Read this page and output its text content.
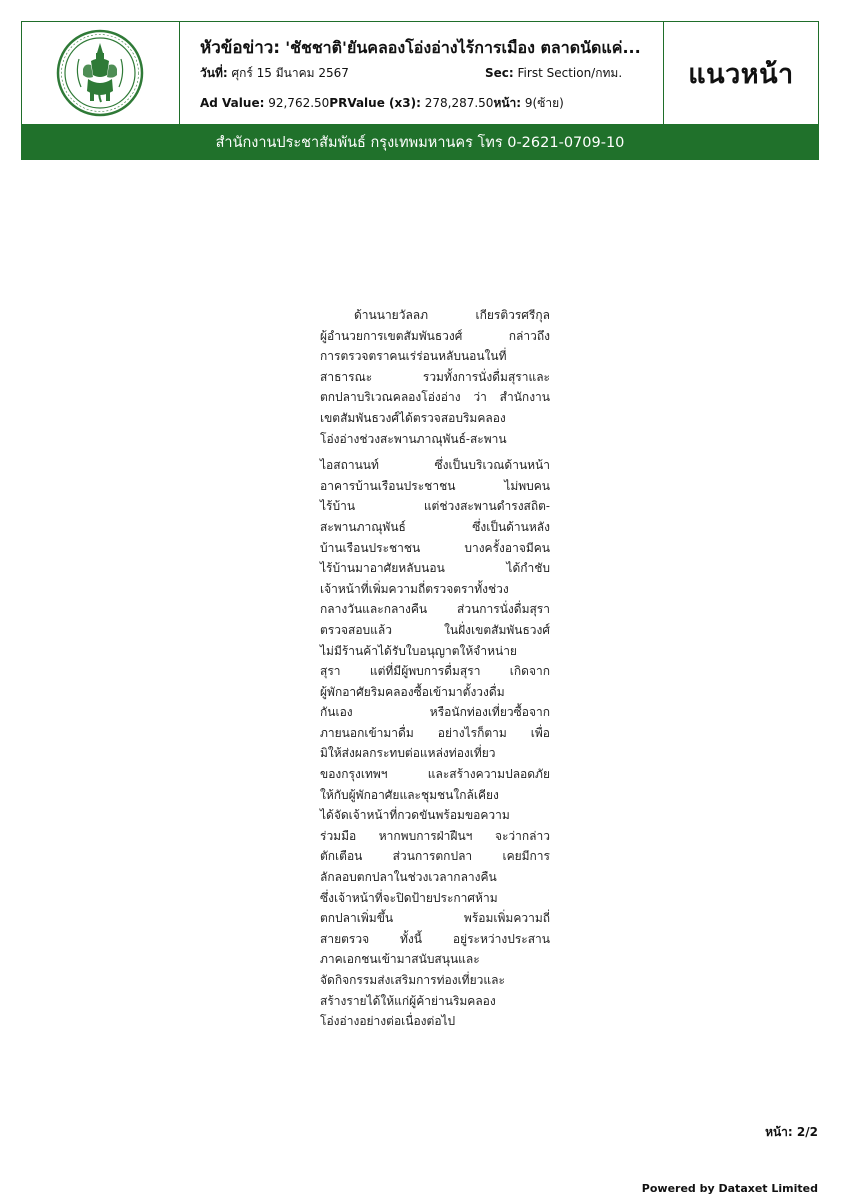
หัวข้อข่าว: 'ชัชชาติ'ยันคลองโอ่งอ่างไร้การเมือง ตลาดนัดแค่...
วันที่: ศุกร์ 15 มีนาคม 2567	Sec: First Section/กทม.
Ad Value: 92,762.50PRValue (x3): 278,287.50หน้า: 9(ซ้าย)
แนวหน้า
สำนักงานประชาสัมพันธ์ กรุงเทพมหานคร โทร 0-2621-0709-10
ด้านนายวัลลภ เกียรติวรศรีกุล
ผู้อำนวยการเขตสัมพันธวงศ์ กล่าวถึง
การตรวจตราคนเร่ร่อนหลับนอนในที่
สาธารณะ รวมทั้งการนั่งดื่มสุราและ
ตกปลาบริเวณคลองโอ่งอ่าง ว่า สำนักงาน
เขตสัมพันธวงศ์ได้ตรวจสอบริมคลอง
โอ่งอ่างช่วงสะพานภาณุพันธ์-สะพาน
ไอสถานนท์ ซึ่งเป็นบริเวณด้านหน้า
อาคารบ้านเรือนประชาชน ไม่พบคน
ไร้บ้าน แต่ช่วงสะพานดำรงสถิต-
สะพานภาณุพันธ์ ซึ่งเป็นด้านหลัง
บ้านเรือนประชาชน บางครั้งอาจมีคน
ไร้บ้านมาอาศัยหลับนอน ได้กำชับ
เจ้าหน้าที่เพิ่มความถี่ตรวจตราทั้งช่วง
กลางวันและกลางคืน ส่วนการนั่งดื่มสุรา
ตรวจสอบแล้ว ในฝั่งเขตสัมพันธวงศ์
ไม่มีร้านค้าได้รับใบอนุญาตให้จำหน่าย
สุรา แต่ที่มีผู้พบการดื่มสุรา เกิดจาก
ผู้พักอาศัยริมคลองซื้อเข้ามาตั้งวงดื่ม
กันเอง หรือนักท่องเที่ยวซื้อจาก
ภายนอกเข้ามาดื่ม อย่างไรก็ตาม เพื่อ
มิให้ส่งผลกระทบต่อแหล่งท่องเที่ยว
ของกรุงเทพฯ และสร้างความปลอดภัย
ให้กับผู้พักอาศัยและชุมชนใกล้เคียง
ได้จัดเจ้าหน้าที่กวดขันพร้อมขอความ
ร่วมมือ หากพบการฝ่าฝืนฯ จะว่ากล่าว
ตักเตือน ส่วนการตกปลา เคยมีการ
ลักลอบตกปลาในช่วงเวลากลางคืน
ซึ่งเจ้าหน้าที่จะปิดป้ายประกาศห้าม
ตกปลาเพิ่มขึ้น พร้อมเพิ่มความถี่
สายตรวจ ทั้งนี้ อยู่ระหว่างประสาน
ภาคเอกชนเข้ามาสนับสนุนและ
จัดกิจกรรมส่งเสริมการท่องเที่ยวและ
สร้างรายได้ให้แก่ผู้ค้าย่านริมคลอง
โอ่งอ่างอย่างต่อเนื่องต่อไป
หน้า: 2/2
Powered by Dataxet Limited
